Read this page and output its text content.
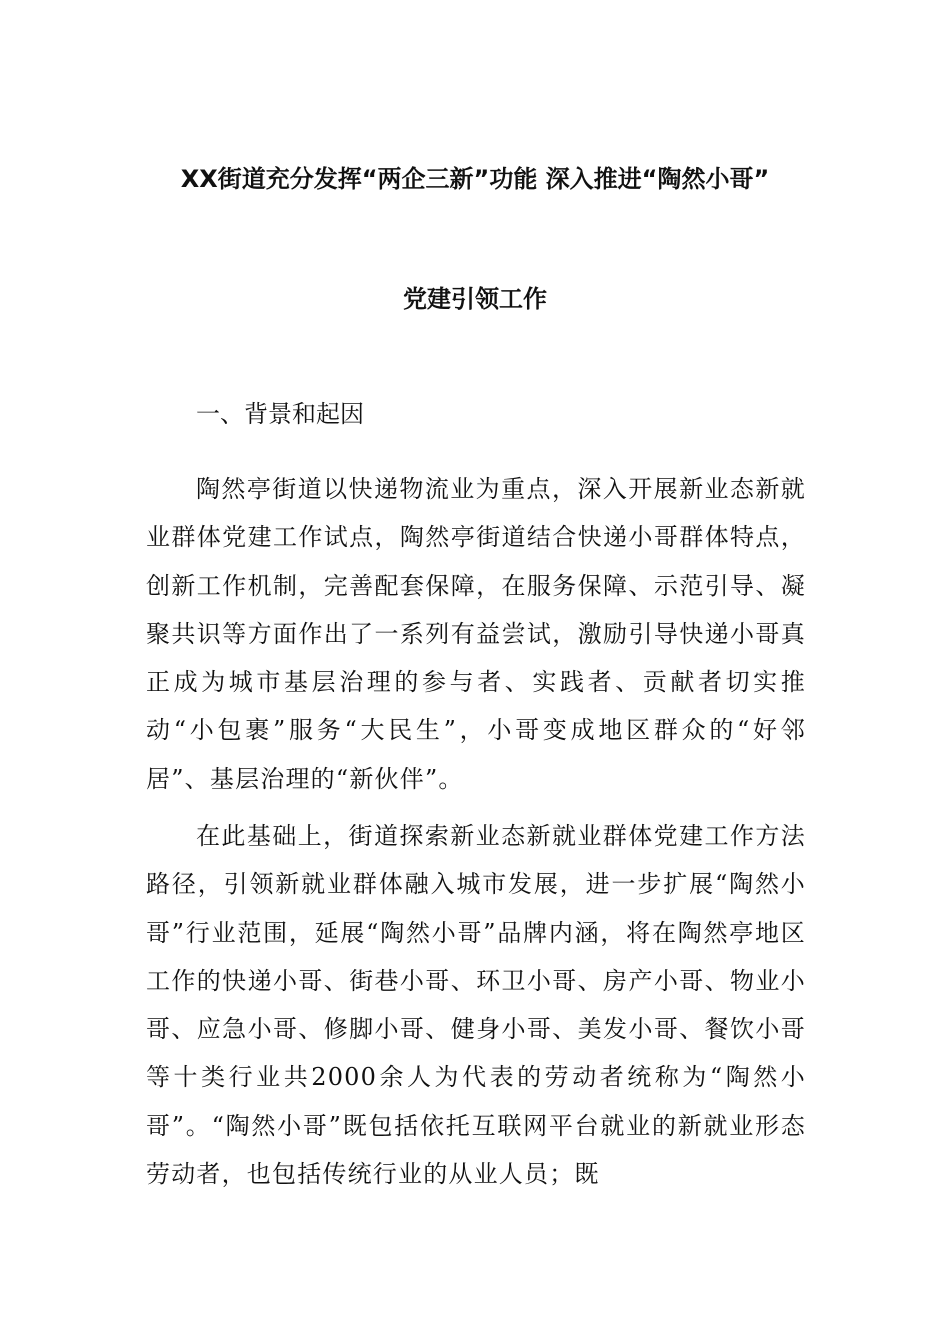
XX街道充分发挥“两企三新”功能 深入推进“陶然小哥”
党建引领工作
一、背景和起因

陶然亭街道以快递物流业为重点，深入开展新业态新就业群体党建工作试点，陶然亭街道结合快递小哥群体特点，创新工作机制，完善配套保障，在服务保障、示范引导、凝聚共识等方面作出了一系列有益尝试，激励引导快递小哥真正成为城市基层治理的参与者、实践者、贡献者切实推动“小包裹”服务“大民生”，小哥变成地区群众的“好邻居”、基层治理的“新伙伴”。

在此基础上，街道探索新业态新就业群体党建工作方法路径，引领新就业群体融入城市发展，进一步扩展“陶然小哥”行业范围，延展“陶然小哥”品牌内涵，将在陶然亭地区工作的快递小哥、街巷小哥、环卫小哥、房产小哥、物业小哥、应急小哥、修脚小哥、健身小哥、美发小哥、餐饮小哥等十类行业共2000余人为代表的劳动者统称为“陶然小哥”。“陶然小哥”既包括依托互联网平台就业的新就业形态劳动者，也包括传统行业的从业人员；既
